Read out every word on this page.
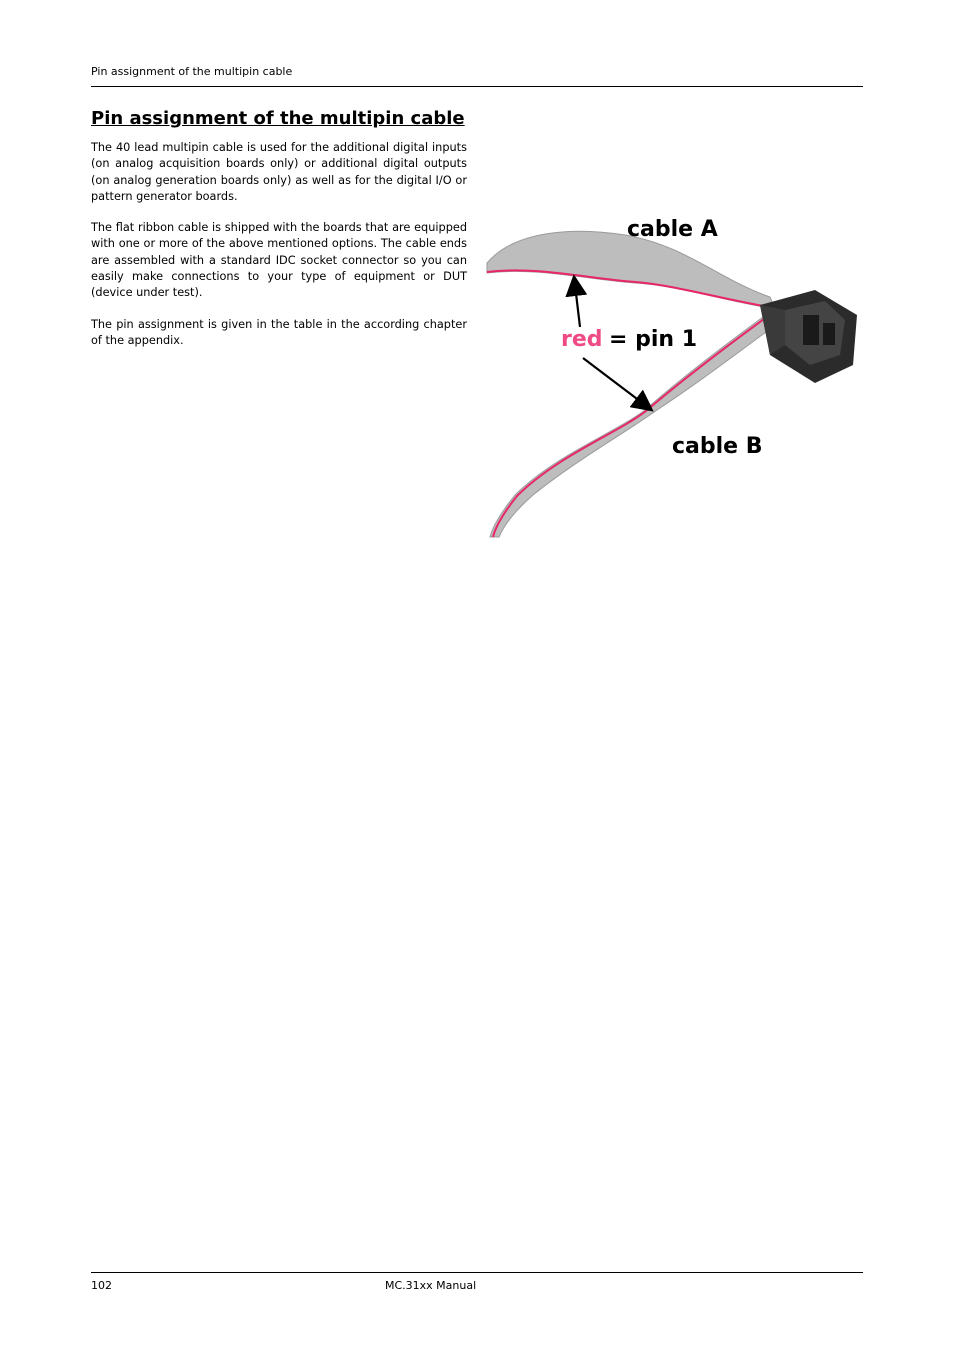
Pin assignment of the multipin cable
Pin assignment of the multipin cable

The 40 lead multipin cable is used for the additional digital inputs (on analog acquisition boards only) or additional digital outputs (on analog generation boards only) as well as for the digital I/O or pattern generator boards.

The flat ribbon cable is shipped with the boards that are equipped with one or more of the above mentioned options. The cable ends are assembled with a standard IDC socket connector so you can easily make connections to your type of equipment or DUT (device under test).

The pin assignment is given in the table in the according chapter of the appendix.

cable A
red = pin 1
cable B
102	MC.31xx Manual
